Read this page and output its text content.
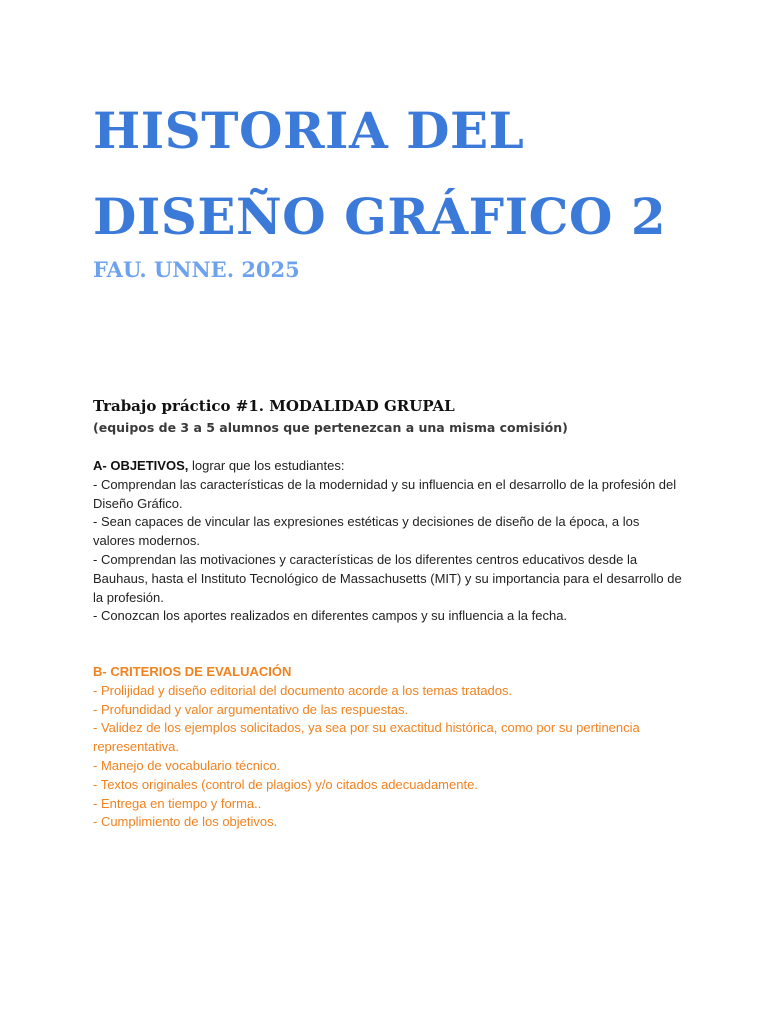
HISTORIA DEL
DISEÑO GRÁFICO 2
FAU. UNNE. 2025

Trabajo práctico #1. MODALIDAD GRUPAL

(equipos de 3 a 5 alumnos que pertenezcan a una misma comisión)

A- OBJETIVOS, lograr que los estudiantes:

- Comprendan las características de la modernidad y su influencia en el desarrollo de la profesión del Diseño Gráfico.

- Sean capaces de vincular las expresiones estéticas y decisiones de diseño de la época, a los valores modernos.

- Comprendan las motivaciones y características de los diferentes centros educativos desde la Bauhaus, hasta el Instituto Tecnológico de Massachusetts (MIT) y su importancia para el desarrollo de la profesión.

- Conozcan los aportes realizados en diferentes campos y su influencia a la fecha.

B- CRITERIOS DE EVALUACIÓN

- Prolijidad y diseño editorial del documento acorde a los temas tratados.

- Profundidad y valor argumentativo de las respuestas.

- Validez de los ejemplos solicitados, ya sea por su exactitud histórica, como por su pertinencia representativa.

- Manejo de vocabulario técnico.

- Textos originales (control de plagios) y/o citados adecuadamente.

- Entrega en tiempo y forma..

- Cumplimiento de los objetivos.
